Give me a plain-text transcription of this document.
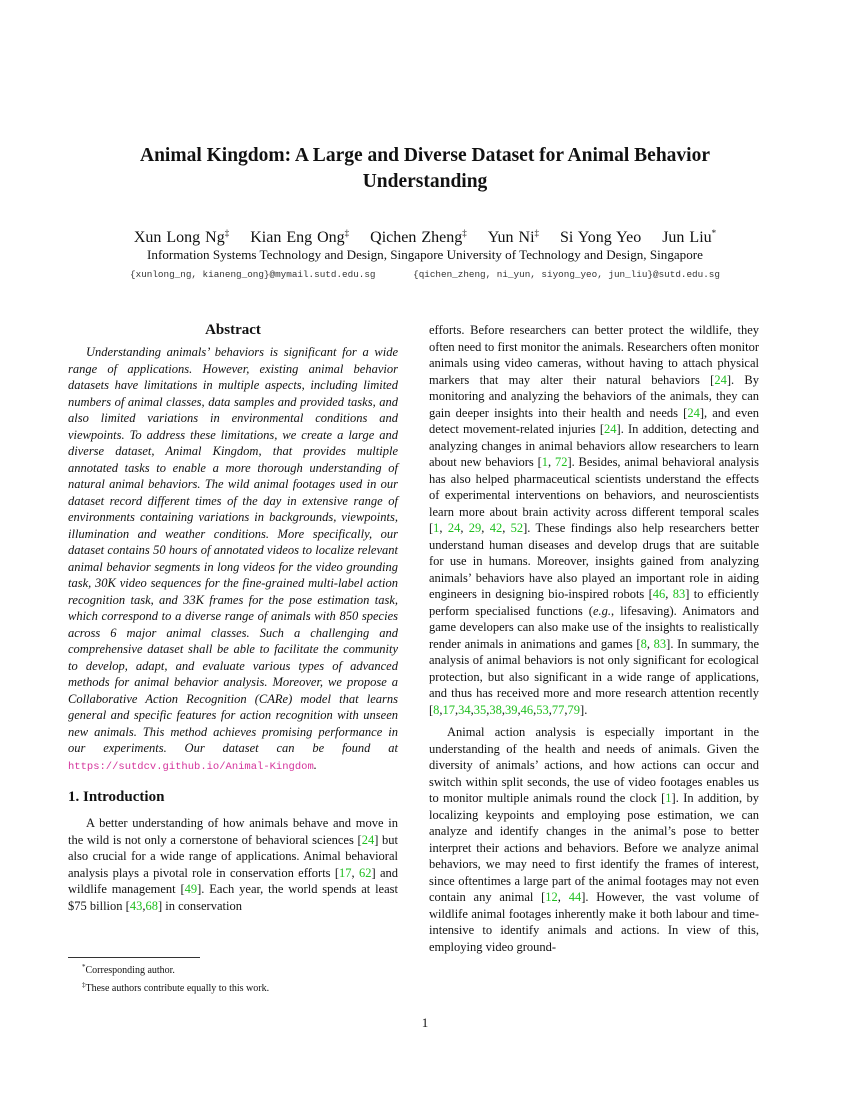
Animal Kingdom: A Large and Diverse Dataset for Animal Behavior Understanding
Xun Long Ng‡ Kian Eng Ong‡ Qichen Zheng‡ Yun Ni‡ Si Yong Yeo Jun Liu*
Information Systems Technology and Design, Singapore University of Technology and Design, Singapore
{xunlong_ng, kianeng_ong}@mymail.sutd.edu.sg	{qichen_zheng, ni_yun, siyong_yeo, jun_liu}@sutd.edu.sg
Abstract

Understanding animals’ behaviors is significant for a wide range of applications. However, existing animal behavior datasets have limitations in multiple aspects, including limited numbers of animal classes, data samples and provided tasks, and also limited variations in environmental conditions and viewpoints. To address these limitations, we create a large and diverse dataset, Animal Kingdom, that provides multiple annotated tasks to enable a more thorough understanding of natural animal behaviors. The wild animal footages used in our dataset record different times of the day in extensive range of environments containing variations in backgrounds, viewpoints, illumination and weather conditions. More specifically, our dataset contains 50 hours of annotated videos to localize relevant animal behavior segments in long videos for the video grounding task, 30K video sequences for the fine-grained multi-label action recognition task, and 33K frames for the pose estimation task, which correspond to a diverse range of animals with 850 species across 6 major animal classes. Such a challenging and comprehensive dataset shall be able to facilitate the community to develop, adapt, and evaluate various types of advanced methods for animal behavior analysis. Moreover, we propose a Collaborative Action Recognition (CARe) model that learns general and specific features for action recognition with unseen new animals. This method achieves promising performance in our experiments. Our dataset can be found at https://sutdcv.github.io/Animal-Kingdom.

1. Introduction

A better understanding of how animals behave and move in the wild is not only a cornerstone of behavioral sciences [24] but also crucial for a wide range of applications. Animal behavioral analysis plays a pivotal role in conservation efforts [17, 62] and wildlife management [49]. Each year, the world spends at least $75 billion [43,68] in conservation

efforts. Before researchers can better protect the wildlife, they often need to first monitor the animals. Researchers often monitor animals using video cameras, without having to attach physical markers that may alter their natural behaviors [24]. By monitoring and analyzing the behaviors of the animals, they can gain deeper insights into their health and needs [24], and even detect movement-related injuries [24]. In addition, detecting and analyzing changes in animal behaviors allow researchers to learn about new behaviors [1, 72]. Besides, animal behavioral analysis has also helped pharmaceutical scientists understand the effects of experimental interventions on behaviors, and neuroscientists learn more about brain activity across different temporal scales [1, 24, 29, 42, 52]. These findings also help researchers better understand human diseases and develop drugs that are suitable for use in humans. Moreover, insights gained from analyzing animals’ behaviors have also played an important role in aiding engineers in designing bio-inspired robots [46, 83] to efficiently perform specialised functions (e.g., lifesaving). Animators and game developers can also make use of the insights to realistically render animals in animations and games [8, 83]. In summary, the analysis of animal behaviors is not only significant for ecological protection, but also significant in a wide range of applications, and thus has received more and more research attention recently [8,17,34,35,38,39,46,53,77,79].

Animal action analysis is especially important in the understanding of the health and needs of animals. Given the diversity of animals’ actions, and how actions can occur and switch within split seconds, the use of video footages enables us to monitor multiple animals round the clock [1]. In addition, by localizing keypoints and employing pose estimation, we can analyze and identify changes in the animal’s pose to better interpret their actions and behaviors. Before we analyze animal behaviors, we may need to first identify the frames of interest, since oftentimes a large part of the animal footages may not even contain any animal [12, 44]. However, the vast volume of wildlife animal footages inherently make it both labour and time-intensive to identify animals and actions. In view of this, employing video ground-

*Corresponding author.
‡These authors contribute equally to this work.
1
